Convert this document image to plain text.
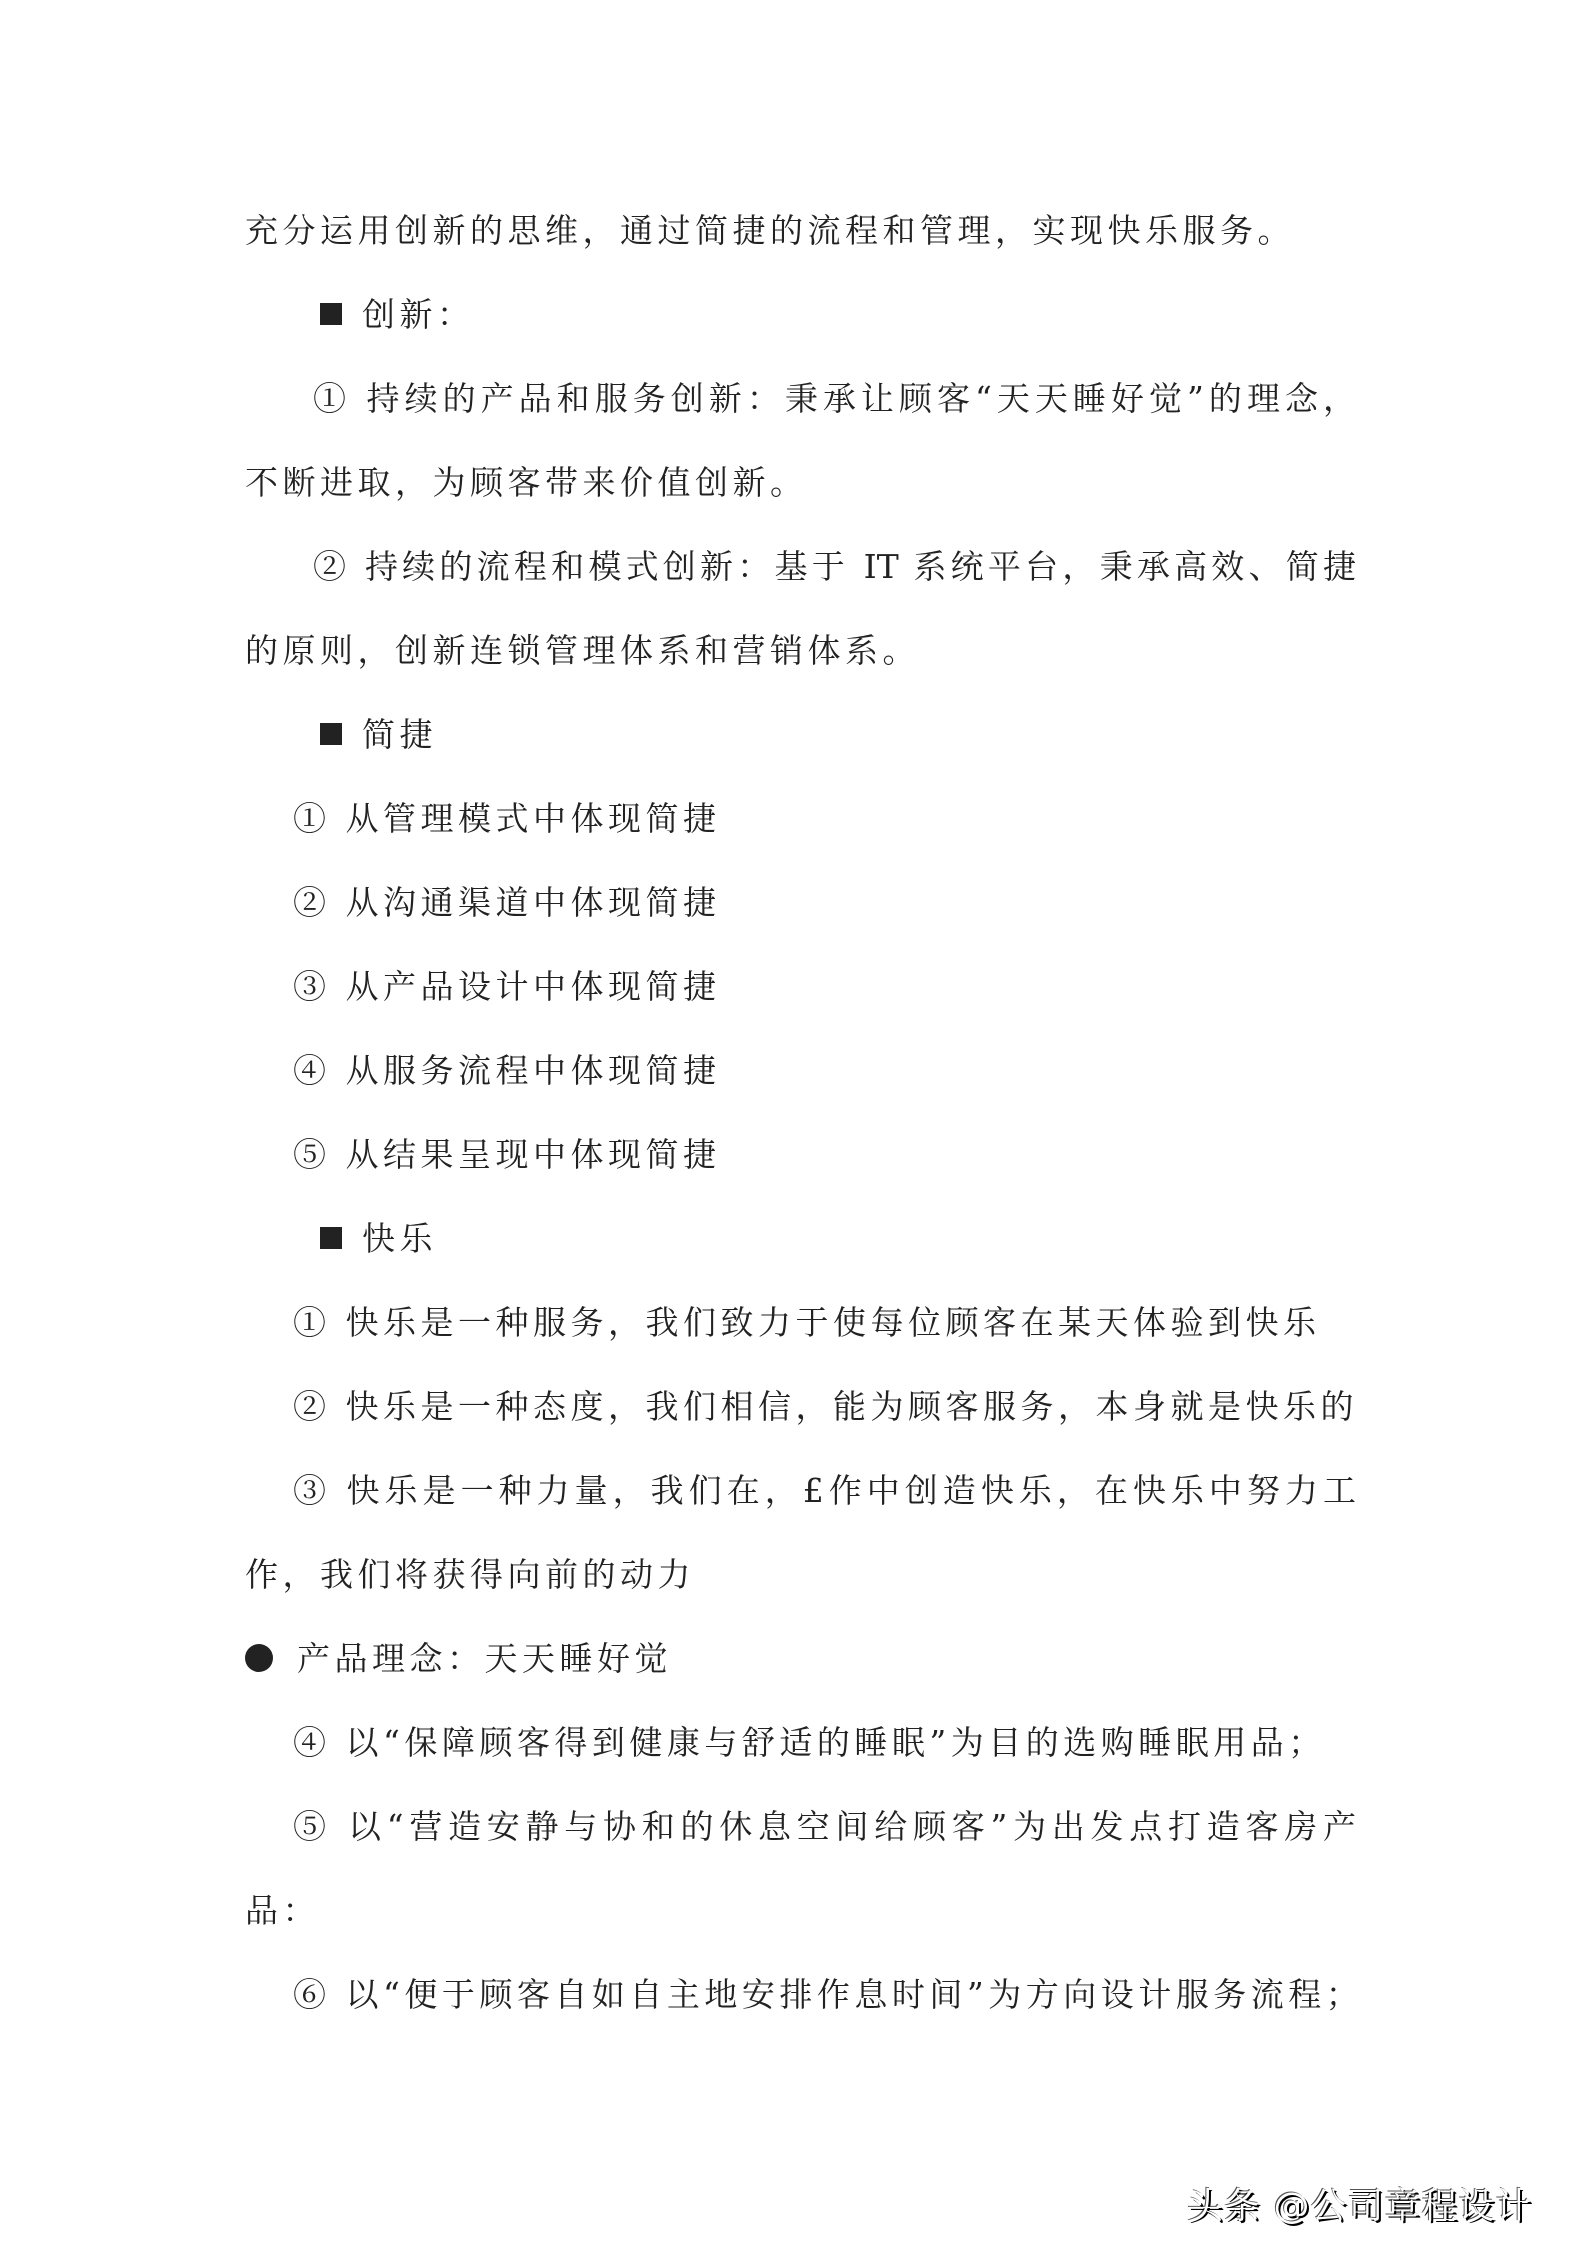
充分运用创新的思维，通过简捷的流程和管理，实现快乐服务。
创新：
① 持续的产品和服务创新：秉承让顾客“天天睡好觉”的理念，
不断进取，为顾客带来价值创新。
② 持续的流程和模式创新：基于 IT 系统平台，秉承高效、简捷
的原则，创新连锁管理体系和营销体系。
简捷
① 从管理模式中体现简捷
② 从沟通渠道中体现简捷
③ 从产品设计中体现简捷
④ 从服务流程中体现简捷
⑤ 从结果呈现中体现简捷
快乐
① 快乐是一种服务，我们致力于使每位顾客在某天体验到快乐
② 快乐是一种态度，我们相信，能为顾客服务，本身就是快乐的
③ 快乐是一种力量，我们在，£作中创造快乐，在快乐中努力工
作，我们将获得向前的动力
产品理念：天天睡好觉
④ 以“保障顾客得到健康与舒适的睡眠”为目的选购睡眠用品；
⑤ 以“营造安静与协和的休息空间给顾客”为出发点打造客房产
品：
⑥ 以“便于顾客自如自主地安排作息时间”为方向设计服务流程；
头条 @公司章程设计
